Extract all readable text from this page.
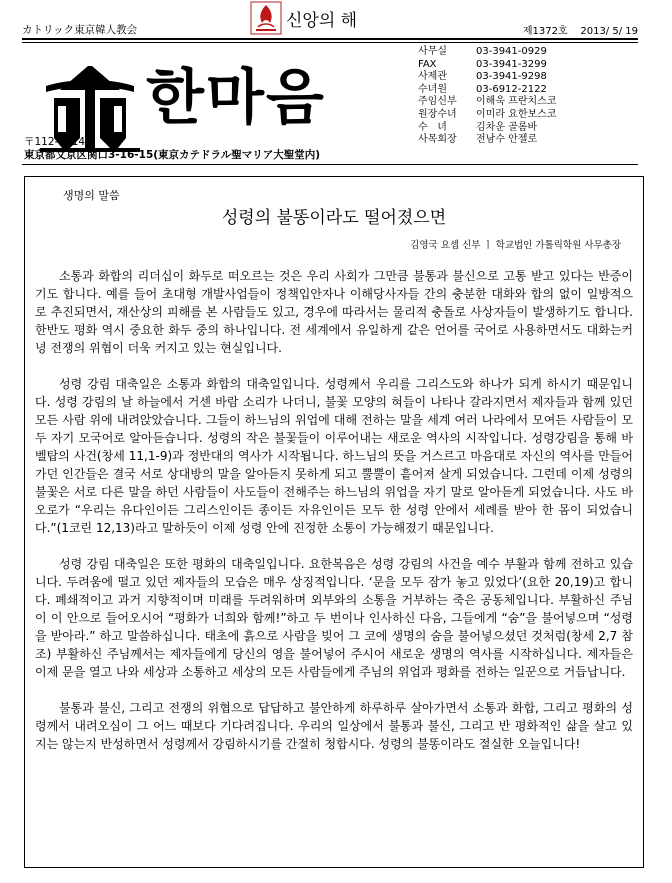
カトリック東京韓人教会	신앙의 해
제1372호 2013/ 5/ 19
한마음
사무실	03-3941-0929
FAX	03-3941-3299
사제관	03-3941-9298
수녀원	03-6912-2122
주임신부	이해욱 프란치스코
원장수녀	이미라 요한보스코
수   녀	김차운 골롬바
사목회장	전남수 안젤로
〒112-0014
東京都文京区関口3-16-15(東京カテドラル聖マリア大聖堂内)
생명의 말씀
성령의 불똥이라도 떨어졌으면
김영국 요셉 신부 ㅣ 학교법인 가톨릭학원 사무총장

소통과 화합의 리더십이 화두로 떠오르는 것은 우리 사회가 그만큼 불통과 불신으로 고통 받고 있다는 반증이기도 합니다. 예를 들어 초대형 개발사업들이 정책입안자나 이해당사자들 간의 충분한 대화와 합의 없이 일방적으로 추진되면서, 재산상의 피해를 본 사람들도 있고, 경우에 따라서는 물리적 충돌로 사상자들이 발생하기도 합니다. 한반도 평화 역시 중요한 화두 중의 하나입니다. 전 세계에서 유일하게 같은 언어를 국어로 사용하면서도 대화는커녕 전쟁의 위협이 더욱 커지고 있는 현실입니다.

성령 강림 대축일은 소통과 화합의 대축일입니다. 성령께서 우리를 그리스도와 하나가 되게 하시기 때문입니다. 성령 강림의 날 하늘에서 거센 바람 소리가 나더니, 불꽃 모양의 혀들이 나타나 갈라지면서 제자들과 함께 있던 모든 사람 위에 내려앉았습니다. 그들이 하느님의 위업에 대해 전하는 말을 세계 여러 나라에서 모여든 사람들이 모두 자기 모국어로 알아듣습니다. 성령의 작은 불꽃들이 이루어내는 새로운 역사의 시작입니다. 성령강림을 통해 바벨탑의 사건(창세 11,1-9)과 정반대의 역사가 시작됩니다. 하느님의 뜻을 거스르고 마음대로 자신의 역사를 만들어가던 인간들은 결국 서로 상대방의 말을 알아듣지 못하게 되고 뿔뿔이 흩어져 살게 되었습니다. 그런데 이제 성령의 불꽃은 서로 다른 말을 하던 사람들이 사도들이 전해주는 하느님의 위업을 자기 말로 알아듣게 되었습니다. 사도 바오로가 “우리는 유다인이든 그리스인이든 종이든 자유인이든 모두 한 성령 안에서 세례를 받아 한 몸이 되었습니다.”(1코린 12,13)라고 말하듯이 이제 성령 안에 진정한 소통이 가능해졌기 때문입니다.

성령 강림 대축일은 또한 평화의 대축일입니다. 요한복음은 성령 강림의 사건을 예수 부활과 함께 전하고 있습니다. 두려움에 떨고 있던 제자들의 모습은 매우 상징적입니다. ‘문을 모두 잠가 놓고 있었다’(요한 20,19)고 합니다. 폐쇄적이고 과거 지향적이며 미래를 두려워하며 외부와의 소통을 거부하는 죽은 공동체입니다. 부활하신 주님이 이 안으로 들어오시어 “평화가 너희와 함께!”하고 두 번이나 인사하신 다음, 그들에게 “숨”을 불어넣으며 “성령을 받아라.” 하고 말씀하십니다. 태초에 흙으로 사람을 빚어 그 코에 생명의 숨을 불어넣으셨던 것처럼(창세 2,7 참조) 부활하신 주님께서는 제자들에게 당신의 영을 불어넣어 주시어 새로운 생명의 역사를 시작하십니다. 제자들은 이제 문을 열고 나와 세상과 소통하고 세상의 모든 사람들에게 주님의 위업과 평화를 전하는 일꾼으로 거듭납니다.

불통과 불신, 그리고 전쟁의 위협으로 답답하고 불안하게 하루하루 살아가면서 소통과 화합, 그리고 평화의 성령께서 내려오심이 그 어느 때보다 기다려집니다. 우리의 일상에서 불통과 불신, 그리고 반 평화적인 삶을 살고 있지는 않는지 반성하면서 성령께서 강림하시기를 간절히 청합시다. 성령의 불똥이라도 절실한 오늘입니다!
